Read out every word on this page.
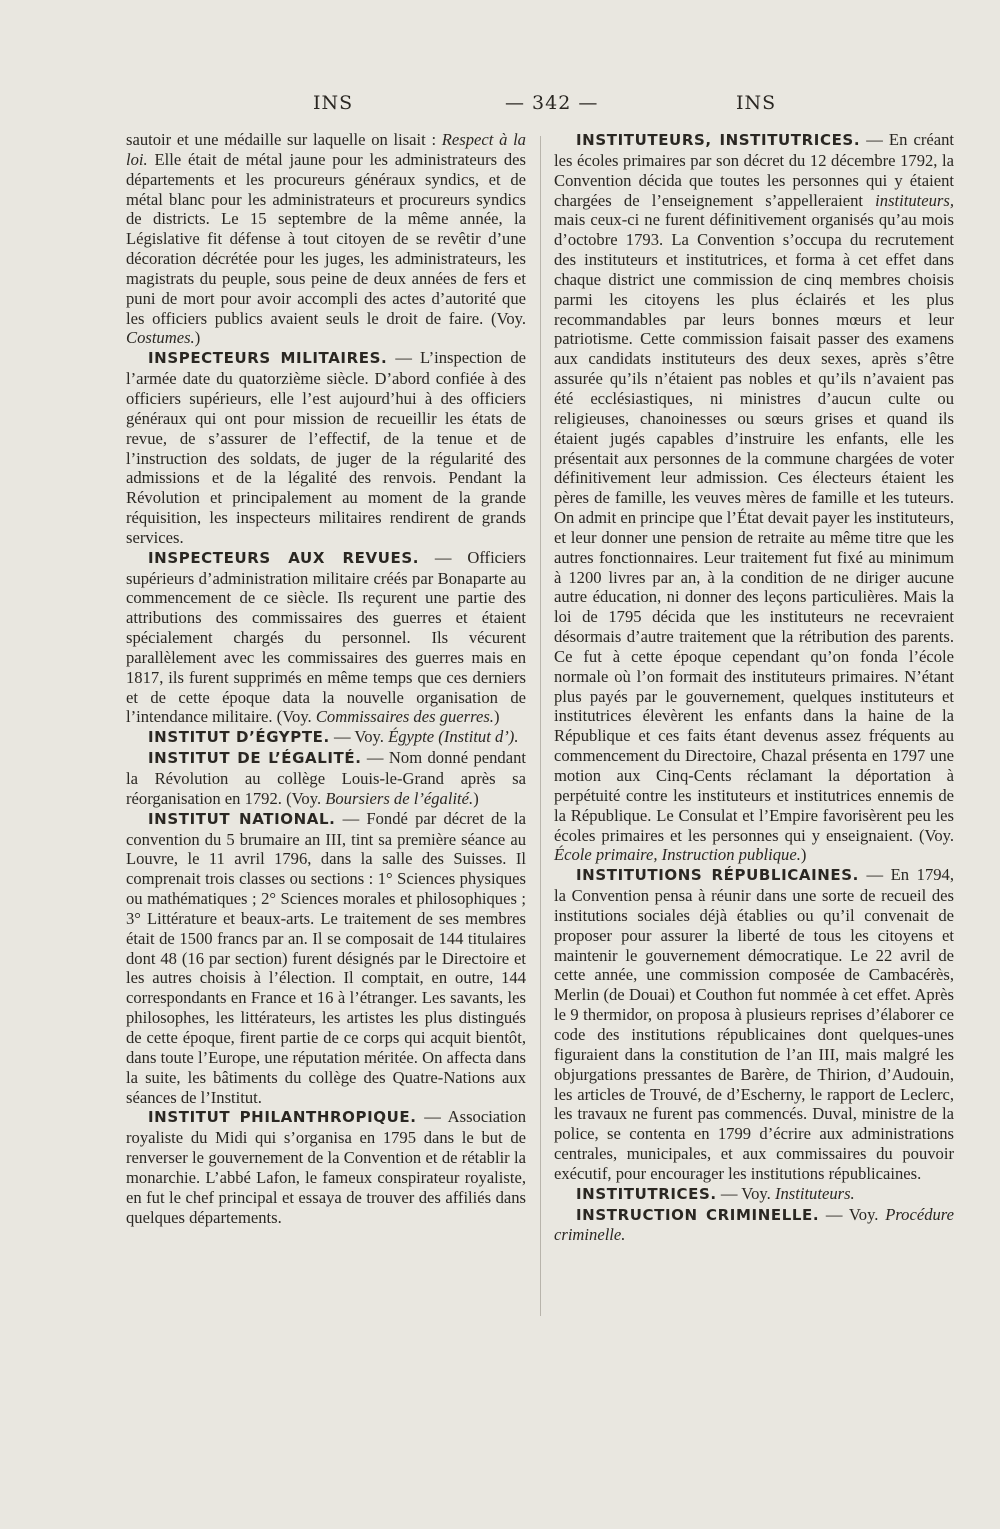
INS	— 342 —	INS

sautoir et une médaille sur laquelle on lisait : Respect à la loi. Elle était de métal jaune pour les administrateurs des départements et les procureurs généraux syndics, et de métal blanc pour les administrateurs et procureurs syndics de districts. Le 15 septembre de la même année, la Législative fit défense à tout citoyen de se revêtir d’une décoration décrétée pour les juges, les administrateurs, les magistrats du peuple, sous peine de deux années de fers et puni de mort pour avoir accompli des actes d’autorité que les officiers publics avaient seuls le droit de faire. (Voy. Costumes.)

INSPECTEURS MILITAIRES. — L’inspection de l’armée date du quatorzième siècle. D’abord confiée à des officiers supérieurs, elle l’est aujourd’hui à des officiers généraux qui ont pour mission de recueillir les états de revue, de s’assurer de l’effectif, de la tenue et de l’instruction des soldats, de juger de la régularité des admissions et de la légalité des renvois. Pendant la Révolution et principalement au moment de la grande réquisition, les inspecteurs militaires rendirent de grands services.

INSPECTEURS AUX REVUES. — Officiers supérieurs d’administration militaire créés par Bonaparte au commencement de ce siècle. Ils reçurent une partie des attributions des commissaires des guerres et étaient spécialement chargés du personnel. Ils vécurent parallèlement avec les commissaires des guerres mais en 1817, ils furent supprimés en même temps que ces derniers et de cette époque data la nouvelle organisation de l’intendance militaire. (Voy. Commissaires des guerres.)

INSTITUT D’ÉGYPTE. — Voy. Égypte (Institut d’).

INSTITUT DE L’ÉGALITÉ. — Nom donné pendant la Révolution au collège Louis-le-Grand après sa réorganisation en 1792. (Voy. Boursiers de l’égalité.)

INSTITUT NATIONAL. — Fondé par décret de la convention du 5 brumaire an III, tint sa première séance au Louvre, le 11 avril 1796, dans la salle des Suisses. Il comprenait trois classes ou sections : 1° Sciences physiques ou mathématiques ; 2° Sciences morales et philosophiques ; 3° Littérature et beaux-arts. Le traitement de ses membres était de 1500 francs par an. Il se composait de 144 titulaires dont 48 (16 par section) furent désignés par le Directoire et les autres choisis à l’élection. Il comptait, en outre, 144 correspondants en France et 16 à l’étranger. Les savants, les philosophes, les littérateurs, les artistes les plus distingués de cette époque, firent partie de ce corps qui acquit bientôt, dans toute l’Europe, une réputation méritée. On affecta dans la suite, les bâtiments du collège des Quatre-Nations aux séances de l’Institut.

INSTITUT PHILANTHROPIQUE. — Association royaliste du Midi qui s’organisa en 1795 dans le but de renverser le gouvernement de la Convention et de rétablir la monarchie. L’abbé Lafon, le fameux conspirateur royaliste, en fut le chef principal et essaya de trouver des affiliés dans quelques départements.

INSTITUTEURS, INSTITUTRICES. — En créant les écoles primaires par son décret du 12 décembre 1792, la Convention décida que toutes les personnes qui y étaient chargées de l’enseignement s’appelleraient instituteurs, mais ceux-ci ne furent définitivement organisés qu’au mois d’octobre 1793. La Convention s’occupa du recrutement des instituteurs et institutrices, et forma à cet effet dans chaque district une commission de cinq membres choisis parmi les citoyens les plus éclairés et les plus recommandables par leurs bonnes mœurs et leur patriotisme. Cette commission faisait passer des examens aux candidats instituteurs des deux sexes, après s’être assurée qu’ils n’étaient pas nobles et qu’ils n’avaient pas été ecclésiastiques, ni ministres d’aucun culte ou religieuses, chanoinesses ou sœurs grises et quand ils étaient jugés capables d’instruire les enfants, elle les présentait aux personnes de la commune chargées de voter définitivement leur admission. Ces électeurs étaient les pères de famille, les veuves mères de famille et les tuteurs. On admit en principe que l’État devait payer les instituteurs, et leur donner une pension de retraite au même titre que les autres fonctionnaires. Leur traitement fut fixé au minimum à 1200 livres par an, à la condition de ne diriger aucune autre éducation, ni donner des leçons particulières. Mais la loi de 1795 décida que les instituteurs ne recevraient désormais d’autre traitement que la rétribution des parents. Ce fut à cette époque cependant qu’on fonda l’école normale où l’on formait des instituteurs primaires. N’étant plus payés par le gouvernement, quelques instituteurs et institutrices élevèrent les enfants dans la haine de la République et ces faits étant devenus assez fréquents au commencement du Directoire, Chazal présenta en 1797 une motion aux Cinq-Cents réclamant la déportation à perpétuité contre les instituteurs et institutrices ennemis de la République. Le Consulat et l’Empire favorisèrent peu les écoles primaires et les personnes qui y enseignaient. (Voy. École primaire, Instruction publique.)

INSTITUTIONS RÉPUBLICAINES. — En 1794, la Convention pensa à réunir dans une sorte de recueil des institutions sociales déjà établies ou qu’il convenait de proposer pour assurer la liberté de tous les citoyens et maintenir le gouvernement démocratique. Le 22 avril de cette année, une commission composée de Cambacérès, Merlin (de Douai) et Couthon fut nommée à cet effet. Après le 9 thermidor, on proposa à plusieurs reprises d’élaborer ce code des institutions républicaines dont quelques-unes figuraient dans la constitution de l’an III, mais malgré les objurgations pressantes de Barère, de Thirion, d’Audouin, les articles de Trouvé, de d’Escherny, le rapport de Leclerc, les travaux ne furent pas commencés. Duval, ministre de la police, se contenta en 1799 d’écrire aux administrations centrales, municipales, et aux commissaires du pouvoir exécutif, pour encourager les institutions républicaines.

INSTITUTRICES. — Voy. Instituteurs.

INSTRUCTION CRIMINELLE. — Voy. Procédure criminelle.
